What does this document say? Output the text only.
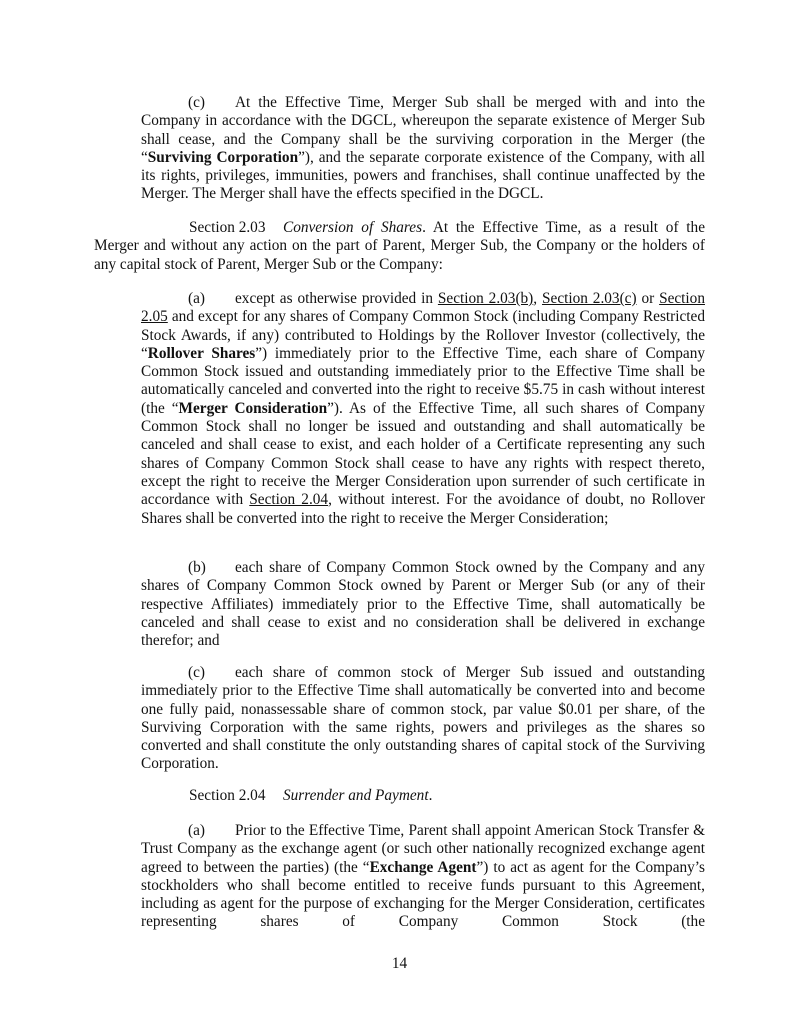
(c) At the Effective Time, Merger Sub shall be merged with and into the Company in accordance with the DGCL, whereupon the separate existence of Merger Sub shall cease, and the Company shall be the surviving corporation in the Merger (the “Surviving Corporation”), and the separate corporate existence of the Company, with all its rights, privileges, immunities, powers and franchises, shall continue unaffected by the Merger. The Merger shall have the effects specified in the DGCL.

Section 2.03 Conversion of Shares. At the Effective Time, as a result of the Merger and without any action on the part of Parent, Merger Sub, the Company or the holders of any capital stock of Parent, Merger Sub or the Company:

(a) except as otherwise provided in Section 2.03(b), Section 2.03(c) or Section 2.05 and except for any shares of Company Common Stock (including Company Restricted Stock Awards, if any) contributed to Holdings by the Rollover Investor (collectively, the “Rollover Shares”) immediately prior to the Effective Time, each share of Company Common Stock issued and outstanding immediately prior to the Effective Time shall be automatically canceled and converted into the right to receive $5.75 in cash without interest (the “Merger Consideration”). As of the Effective Time, all such shares of Company Common Stock shall no longer be issued and outstanding and shall automatically be canceled and shall cease to exist, and each holder of a Certificate representing any such shares of Company Common Stock shall cease to have any rights with respect thereto, except the right to receive the Merger Consideration upon surrender of such certificate in accordance with Section 2.04, without interest. For the avoidance of doubt, no Rollover Shares shall be converted into the right to receive the Merger Consideration;

(b) each share of Company Common Stock owned by the Company and any shares of Company Common Stock owned by Parent or Merger Sub (or any of their respective Affiliates) immediately prior to the Effective Time, shall automatically be canceled and shall cease to exist and no consideration shall be delivered in exchange therefor; and

(c) each share of common stock of Merger Sub issued and outstanding immediately prior to the Effective Time shall automatically be converted into and become one fully paid, nonassessable share of common stock, par value $0.01 per share, of the Surviving Corporation with the same rights, powers and privileges as the shares so converted and shall constitute the only outstanding shares of capital stock of the Surviving Corporation.

Section 2.04 Surrender and Payment.

(a) Prior to the Effective Time, Parent shall appoint American Stock Transfer & Trust Company as the exchange agent (or such other nationally recognized exchange agent agreed to between the parties) (the “Exchange Agent”) to act as agent for the Company’s stockholders who shall become entitled to receive funds pursuant to this Agreement, including as agent for the purpose of exchanging for the Merger Consideration, certificates representing shares of Company Common Stock (the

14
